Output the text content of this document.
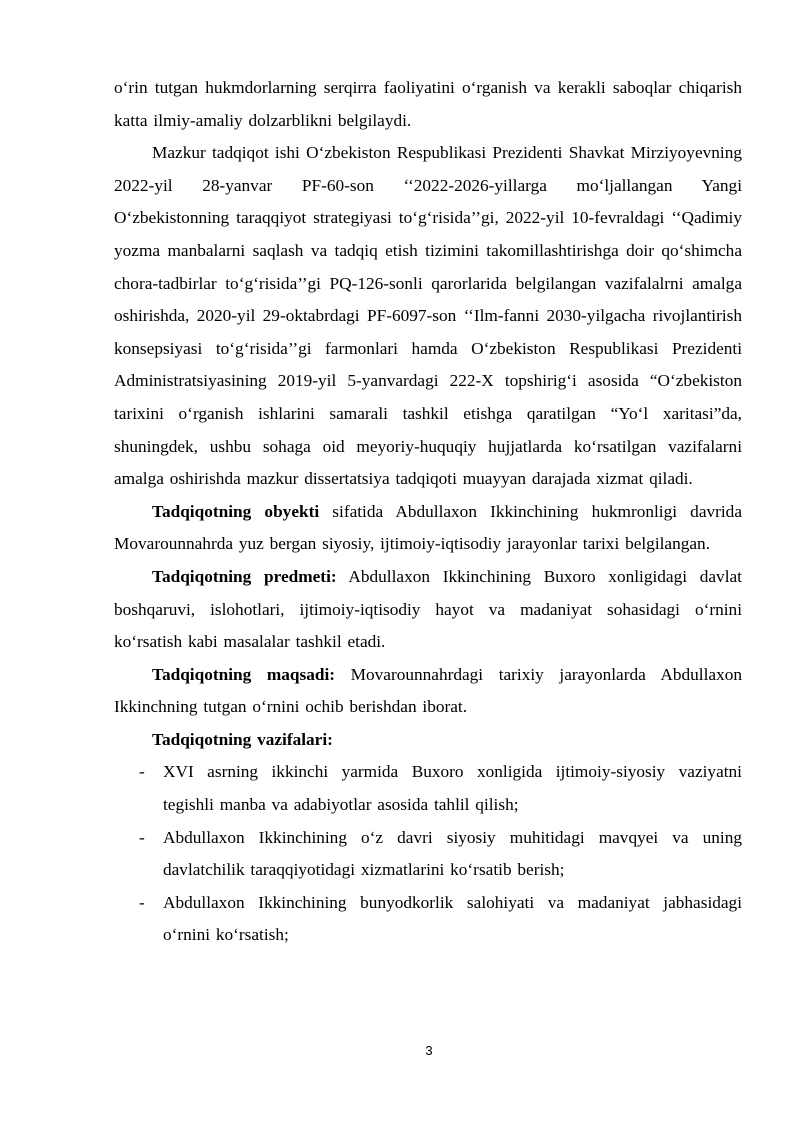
o‘rin tutgan hukmdorlarning serqirra faoliyatini o‘rganish va kerakli saboqlar chiqarish katta ilmiy-amaliy dolzarblikni belgilaydi.

Mazkur tadqiqot ishi O‘zbekiston Respublikasi Prezidenti Shavkat Mirziyoyevning 2022-yil 28-yanvar PF-60-son ‘‘2022-2026-yillarga mo‘ljallangan Yangi O‘zbekistonning taraqqiyot strategiyasi to‘g‘risida’’gi, 2022-yil 10-fevraldagi ‘‘Qadimiy yozma manbalarni saqlash va tadqiq etish tizimini takomillashtirishga doir qo‘shimcha chora-tadbirlar to‘g‘risida’’gi PQ-126-sonli qarorlarida belgilangan vazifalalrni amalga oshirishda, 2020-yil 29-oktabrdagi PF-6097-son ‘‘Ilm-fanni 2030-yilgacha rivojlantirish konsepsiyasi to‘g‘risida’’gi farmonlari hamda O‘zbekiston Respublikasi Prezidenti Administratsiyasining 2019-yil 5-yanvardagi 222-X topshirig‘i asosida “O‘zbekiston tarixini o‘rganish ishlarini samarali tashkil etishga qaratilgan “Yo‘l xaritasi”da, shuningdek, ushbu sohaga oid meyoriy-huquqiy hujjatlarda ko‘rsatilgan vazifalarni amalga oshirishda mazkur dissertatsiya tadqiqoti muayyan darajada xizmat qiladi.

Tadqiqotning obyekti sifatida Abdullaxon Ikkinchining hukmronligi davrida Movarounnahrda yuz bergan siyosiy, ijtimoiy-iqtisodiy jarayonlar tarixi belgilangan.

Tadqiqotning predmeti: Abdullaxon Ikkinchining Buxoro xonligidagi davlat boshqaruvi, islohotlari, ijtimoiy-iqtisodiy hayot va madaniyat sohasidagi o‘rnini ko‘rsatish kabi masalalar tashkil etadi.

Tadqiqotning maqsadi: Movarounnahrdagi tarixiy jarayonlarda Abdullaxon Ikkinchning tutgan o‘rnini ochib berishdan iborat.

Tadqiqotning vazifalari:

- XVI asrning ikkinchi yarmida Buxoro xonligida ijtimoiy-siyosiy vaziyatni tegishli manba va adabiyotlar asosida tahlil qilish;
- Abdullaxon Ikkinchining o‘z davri siyosiy muhitidagi mavqyei va uning davlatchilik taraqqiyotidagi xizmatlarini ko‘rsatib berish;
- Abdullaxon Ikkinchining bunyodkorlik salohiyati va madaniyat jabhasidagi o‘rnini ko‘rsatish;
3
